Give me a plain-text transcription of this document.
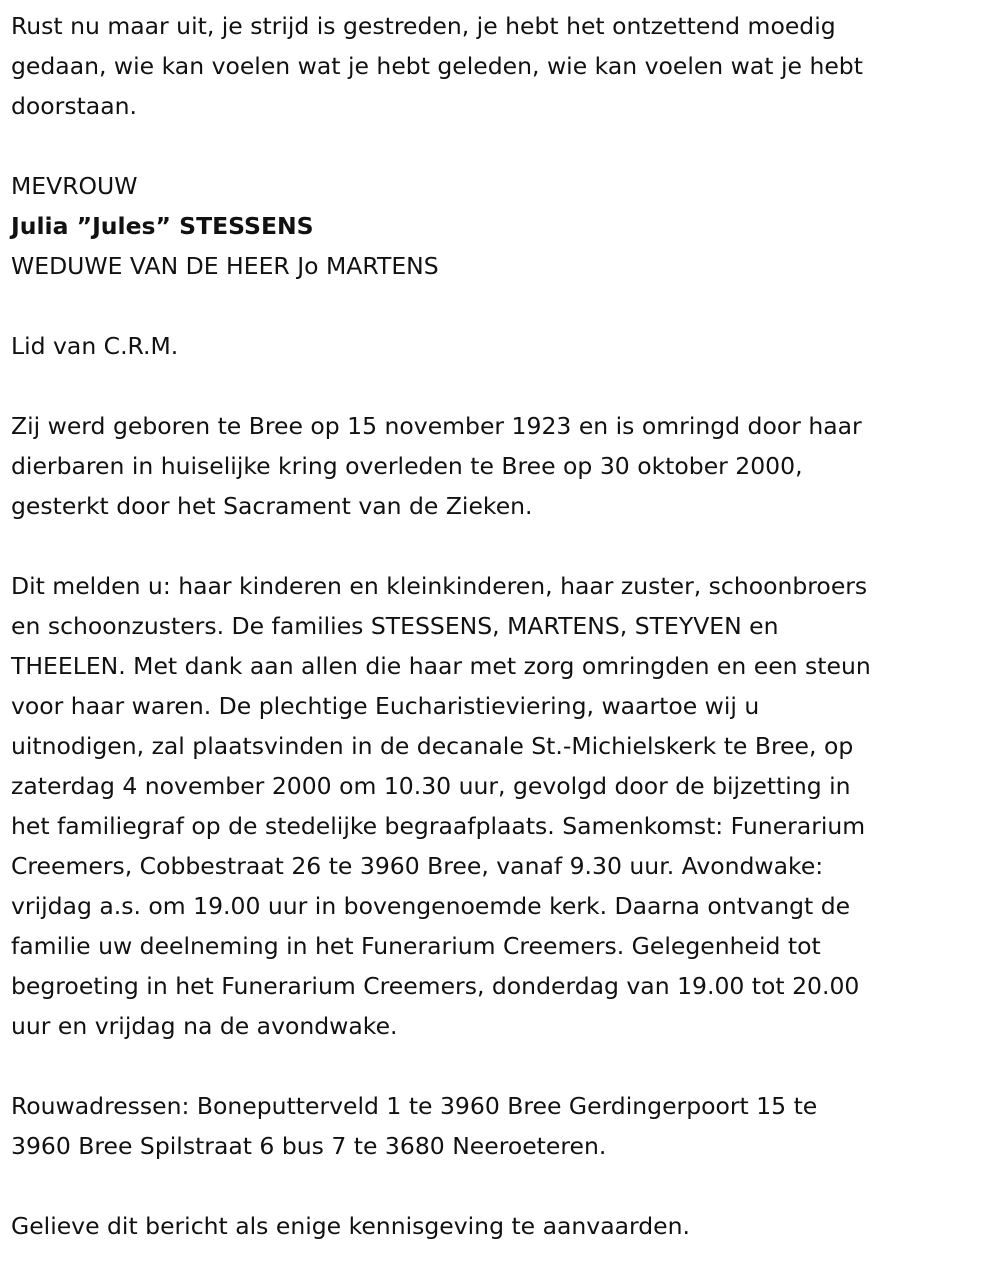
Rust nu maar uit, je strijd is gestreden, je hebt het ontzettend moedig
gedaan, wie kan voelen wat je hebt geleden, wie kan voelen wat je hebt
doorstaan.
MEVROUW
Julia ”Jules” STESSENS
WEDUWE VAN DE HEER Jo MARTENS
Lid van C.R.M.
Zij werd geboren te Bree op 15 november 1923 en is omringd door haar
dierbaren in huiselijke kring overleden te Bree op 30 oktober 2000,
gesterkt door het Sacrament van de Zieken.
Dit melden u: haar kinderen en kleinkinderen, haar zuster, schoonbroers
en schoonzusters. De families STESSENS, MARTENS, STEYVEN en
THEELEN. Met dank aan allen die haar met zorg omringden en een steun
voor haar waren. De plechtige Eucharistieviering, waartoe wij u
uitnodigen, zal plaatsvinden in de decanale St.-Michielskerk te Bree, op
zaterdag 4 november 2000 om 10.30 uur, gevolgd door de bijzetting in
het familiegraf op de stedelijke begraafplaats. Samenkomst: Funerarium
Creemers, Cobbestraat 26 te 3960 Bree, vanaf 9.30 uur. Avondwake:
vrijdag a.s. om 19.00 uur in bovengenoemde kerk. Daarna ontvangt de
familie uw deelneming in het Funerarium Creemers. Gelegenheid tot
begroeting in het Funerarium Creemers, donderdag van 19.00 tot 20.00
uur en vrijdag na de avondwake.
Rouwadressen: Boneputterveld 1 te 3960 Bree Gerdingerpoort 15 te
3960 Bree Spilstraat 6 bus 7 te 3680 Neeroeteren.
Gelieve dit bericht als enige kennisgeving te aanvaarden.
